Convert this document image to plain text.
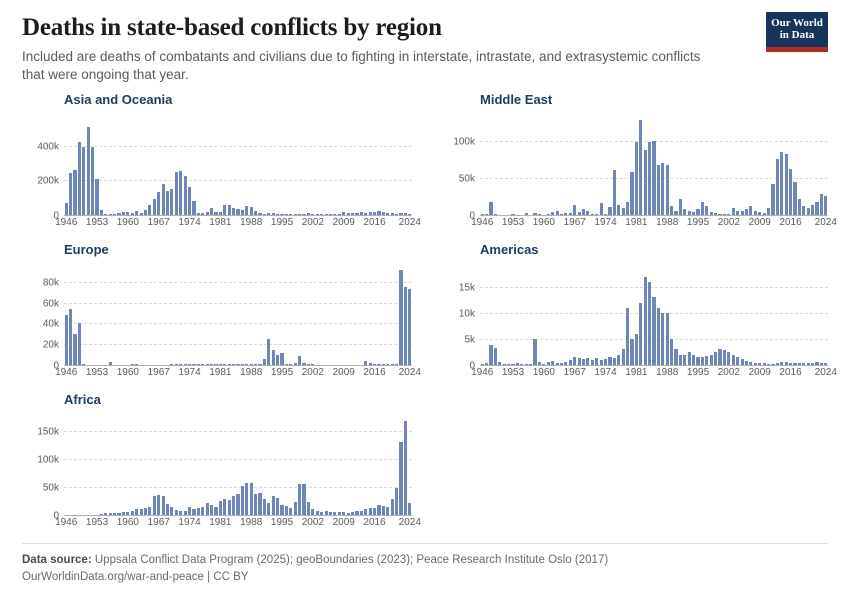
Deaths in state-based conflicts by region
Included are deaths of combatants and civilians due to fighting in interstate, intrastate, and extrasystemic conflicts that were ongoing that year.
Our World
in Data
Asia and Oceania
0
200k
400k
1946 1953 1960 1967 1974 1981 1988 1995 2002 2009 2016 2024
Middle East
0
50k
100k
1946 1953 1960 1967 1974 1981 1988 1995 2002 2009 2016 2024
Europe
0
20k
40k
60k
80k
1946 1953 1960 1967 1974 1981 1988 1995 2002 2009 2016 2024
Americas
0
5k
10k
15k
1946 1953 1960 1967 1974 1981 1988 1995 2002 2009 2016 2024
Africa
0
50k
100k
150k
1946 1953 1960 1967 1974 1981 1988 1995 2002 2009 2016 2024
Data source: Uppsala Conflict Data Program (2025); geoBoundaries (2023); Peace Research Institute Oslo (2017)
OurWorldinData.org/war-and-peace | CC BY
